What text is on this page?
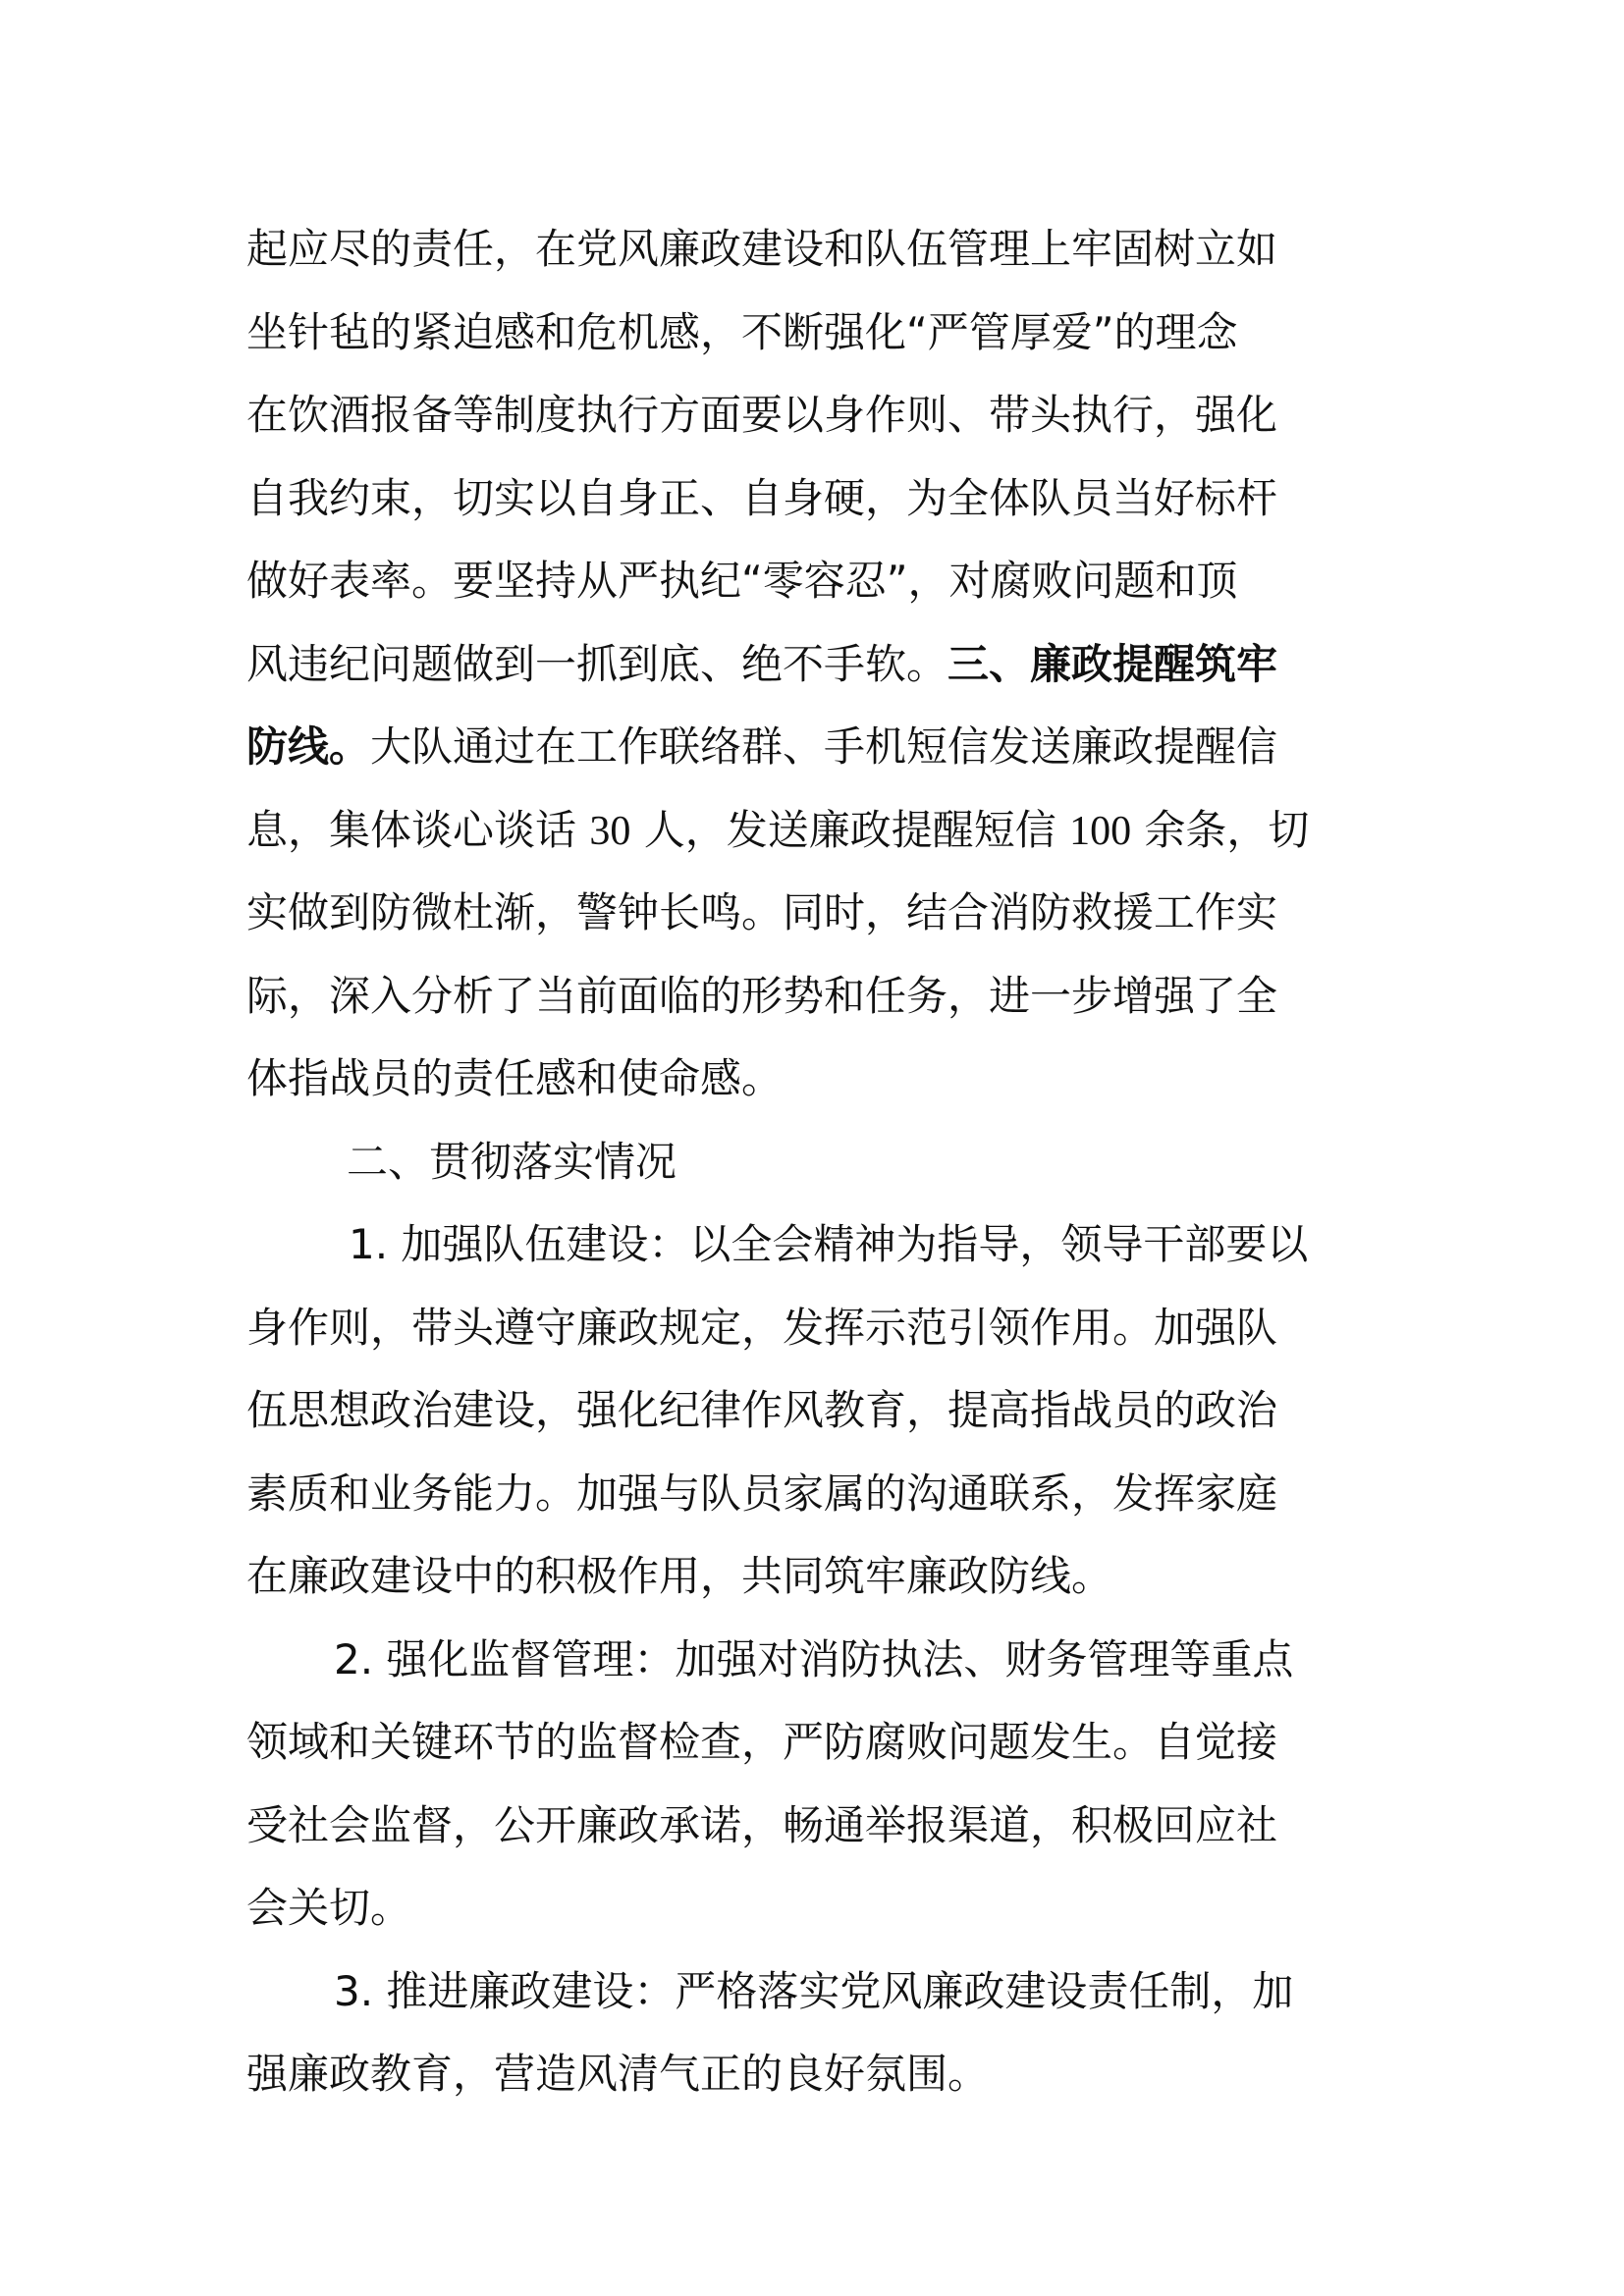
起应尽的责任，在党风廉政建设和队伍管理上牢固树立如
坐针毡的紧迫感和危机感，不断强化“严管厚爱”的理念
在饮酒报备等制度执行方面要以身作则、带头执行，强化
自我约束，切实以自身正、自身硬，为全体队员当好标杆
做好表率。要坚持从严执纪“零容忍”，对腐败问题和顶
风违纪问题做到一抓到底、绝不手软。三、廉政提醒筑牢
防线。大队通过在工作联络群、手机短信发送廉政提醒信
息，集体谈心谈话 30 人，发送廉政提醒短信 100 余条，切
实做到防微杜渐，警钟长鸣。同时，结合消防救援工作实
际，深入分析了当前面临的形势和任务，进一步增强了全
体指战员的责任感和使命感。
二、贯彻落实情况
1. 加强队伍建设：以全会精神为指导，领导干部要以
身作则，带头遵守廉政规定，发挥示范引领作用。加强队
伍思想政治建设，强化纪律作风教育，提高指战员的政治
素质和业务能力。加强与队员家属的沟通联系，发挥家庭
在廉政建设中的积极作用，共同筑牢廉政防线。
2. 强化监督管理：加强对消防执法、财务管理等重点
领域和关键环节的监督检查，严防腐败问题发生。自觉接
受社会监督，公开廉政承诺，畅通举报渠道，积极回应社
会关切。
3. 推进廉政建设：严格落实党风廉政建设责任制，加
强廉政教育，营造风清气正的良好氛围。
